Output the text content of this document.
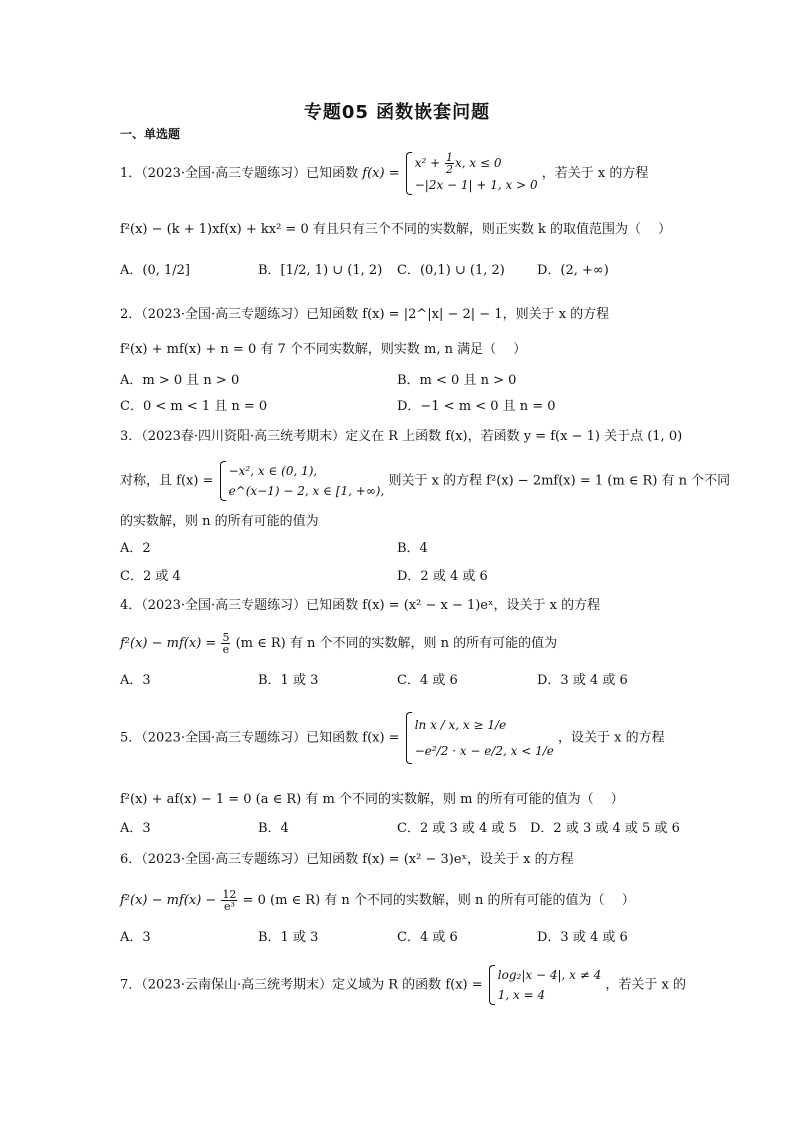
专题05 函数嵌套问题
一、单选题
1．（2023·全国·高三专题练习）已知函数 f(x) =
$x^2 + \frac{1}{2} x$, x ≤ 0
−|2x − 1| + 1, x > 0
，若关于 x 的方程
f²(x) − (k + 1)xf(x) + kx² = 0 有且只有三个不同的实数解，则正实数 k 的取值范围为（　 ）
A．(0, 1/2]	B．[1/2, 1) ∪ (1, 2) C．(0,1) ∪ (1, 2) D．(2, +∞)
2．（2023·全国·高三专题练习）已知函数 f(x) = |2^|x| − 2| − 1，则关于 x 的方程
f²(x) + mf(x) + n = 0 有 7 个不同实数解，则实数 m, n 满足（　 ）
A．m > 0 且 n > 0	B．m < 0 且 n > 0
C．0 < m < 1 且 n = 0	D．−1 < m < 0 且 n = 0
3．（2023春·四川资阳·高三统考期末）定义在 R 上函数 f(x)，若函数 y = f(x − 1) 关于点 (1, 0)
对称，且 f(x) =
−x², x ∈ (0, 1),
e^(x−1) − 2, x ∈ [1, +∞),
则关于 x 的方程 f²(x) − 2mf(x) = 1 (m ∈ R) 有 n 个不同
的实数解，则 n 的所有可能的值为
A．2	B．4
C．2 或 4	D．2 或 4 或 6
4．（2023·全国·高三专题练习）已知函数 f(x) = (x² − x − 1)eˣ，设关于 x 的方程
$f^2(x) - mf(x) = \frac{5}{e} (m$ ∈ R) 有 n 个不同的实数解，则 n 的所有可能的值为
A．3	B．1 或 3	C．4 或 6	D．3 或 4 或 6
5．（2023·全国·高三专题练习）已知函数 f(x) =
ln x / x, x ≥ 1/e
−e²/2 · x − e/2, x < 1/e
，设关于 x 的方程
f²(x) + af(x) − 1 = 0 (a ∈ R) 有 m 个不同的实数解，则 m 的所有可能的值为（　 ）
A．3	B．4	C．2 或 3 或 4 或 5 D．2 或 3 或 4 或 5 或 6
6．（2023·全国·高三专题练习）已知函数 f(x) = (x² − 3)eˣ，设关于 x 的方程
$f^2(x) - mf(x) - \frac{12}{\text{e³}} = 0$ (m ∈ R) 有 n 个不同的实数解，则 n 的所有可能的值为（　 ）
A．3	B．1 或 3	C．4 或 6	D．3 或 4 或 6
7．（2023·云南保山·高三统考期末）定义域为 R 的函数 f(x) =
log₂|x − 4|, x ≠ 4
1, x = 4
，若关于 x 的
